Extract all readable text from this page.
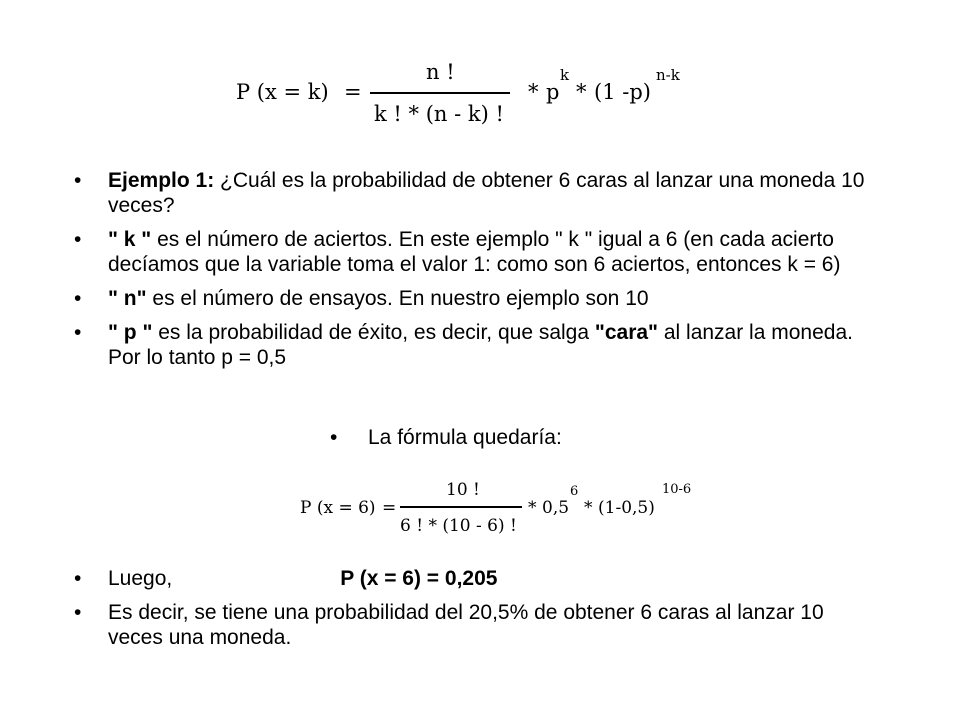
P (x = k) =
n !
k ! * (n - k) !
* p
k
* (1 -p)
n-k
• Ejemplo 1: ¿Cuál es la probabilidad de obtener 6 caras al lanzar una moneda 10 veces?
• " k " es el número de aciertos. En este ejemplo " k " igual a 6 (en cada acierto decíamos que la variable toma el valor 1: como son 6 aciertos, entonces k = 6)
• " n" es el número de ensayos. En nuestro ejemplo son 10
• " p " es la probabilidad de éxito, es decir, que salga "cara" al lanzar la moneda. Por lo tanto p = 0,5
• La fórmula quedaría:
P (x = 6) =
10 !
6 ! * (10 - 6) !
* 0,5
6
* (1-0,5)
10-6
• Luego,	P (x = 6) = 0,205
• Es decir, se tiene una probabilidad del 20,5% de obtener 6 caras al lanzar 10 veces una moneda.
